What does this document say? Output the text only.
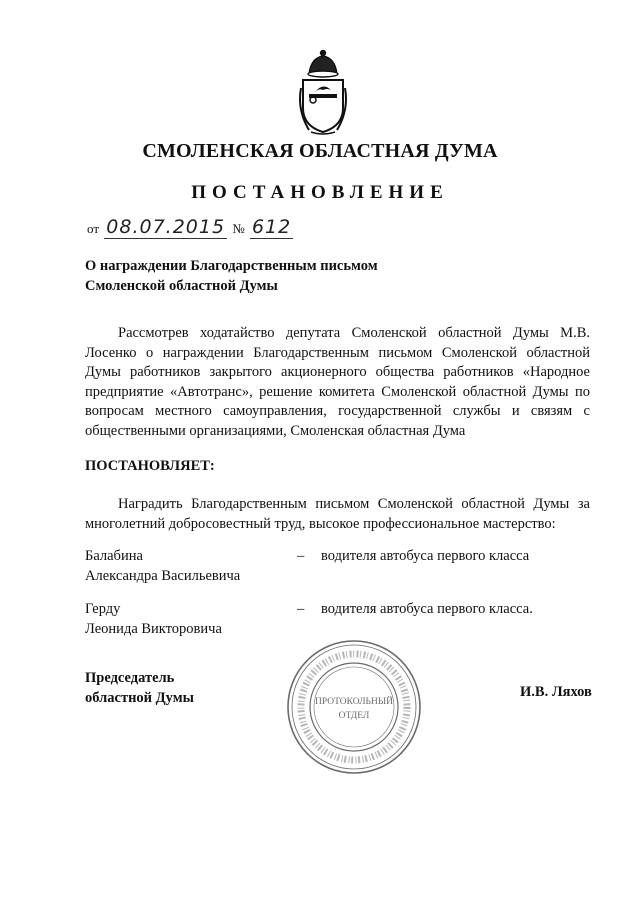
СМОЛЕНСКАЯ ОБЛАСТНАЯ ДУМА
ПОСТАНОВЛЕНИЕ
от 08.07.2015 № 612
О награждении Благодарственным письмом
Смоленской областной Думы
Рассмотрев ходатайство депутата Смоленской областной Думы М.В. Лосенко о награждении Благодарственным письмом Смоленской областной Думы работников закрытого акционерного общества работников «Народное предприятие «Автотранс», решение комитета Смоленской областной Думы по вопросам местного самоуправления, государственной службы и связям с общественными организациями, Смоленская областная Дума
ПОСТАНОВЛЯЕТ:
Наградить Благодарственным письмом Смоленской областной Думы за многолетний добросовестный труд, высокое профессиональное мастерство:
Балабина
Александра Васильевича
– водителя автобуса первого класса
Герду
Леонида Викторовича
– водителя автобуса первого класса.
ПРОТОКОЛЬНЫЙ
ОТДЕЛ
Председатель
областной Думы	И.В. Ляхов
